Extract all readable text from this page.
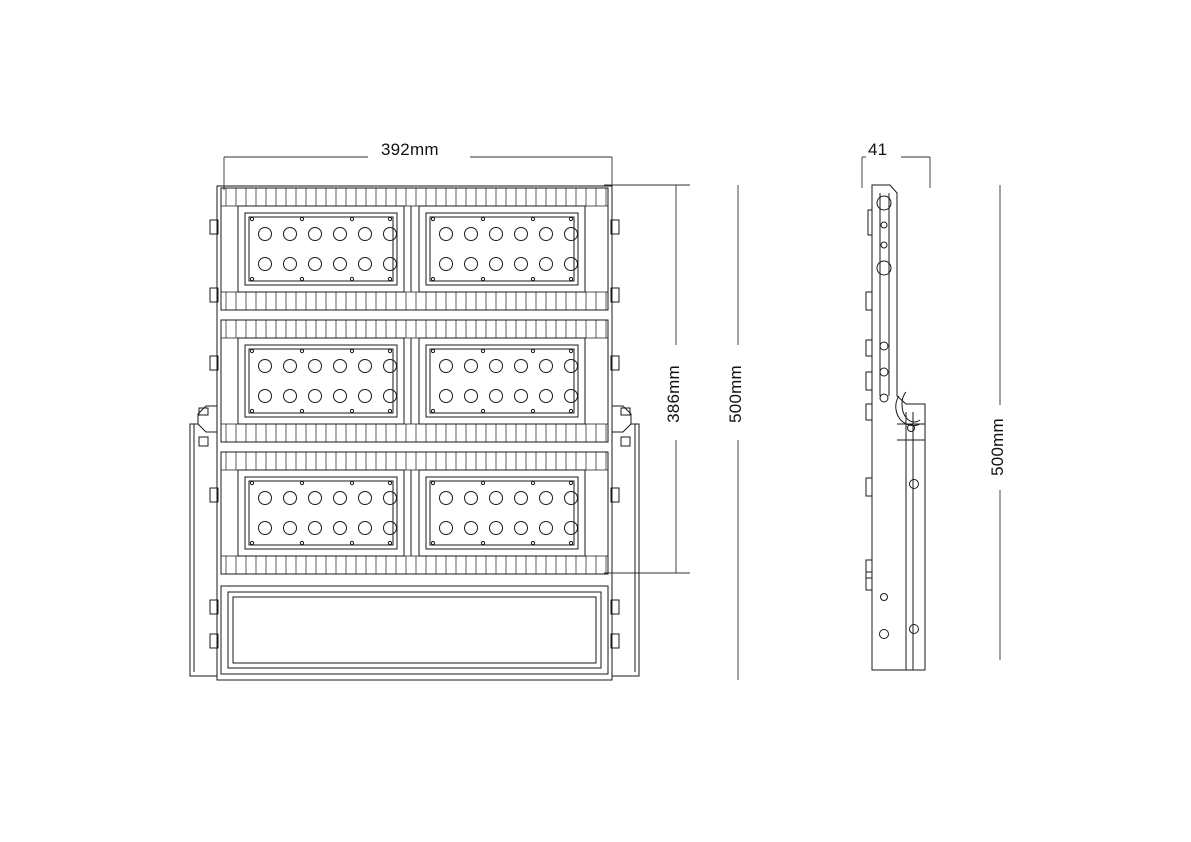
392mm
386mm	500mm
41
500mm
